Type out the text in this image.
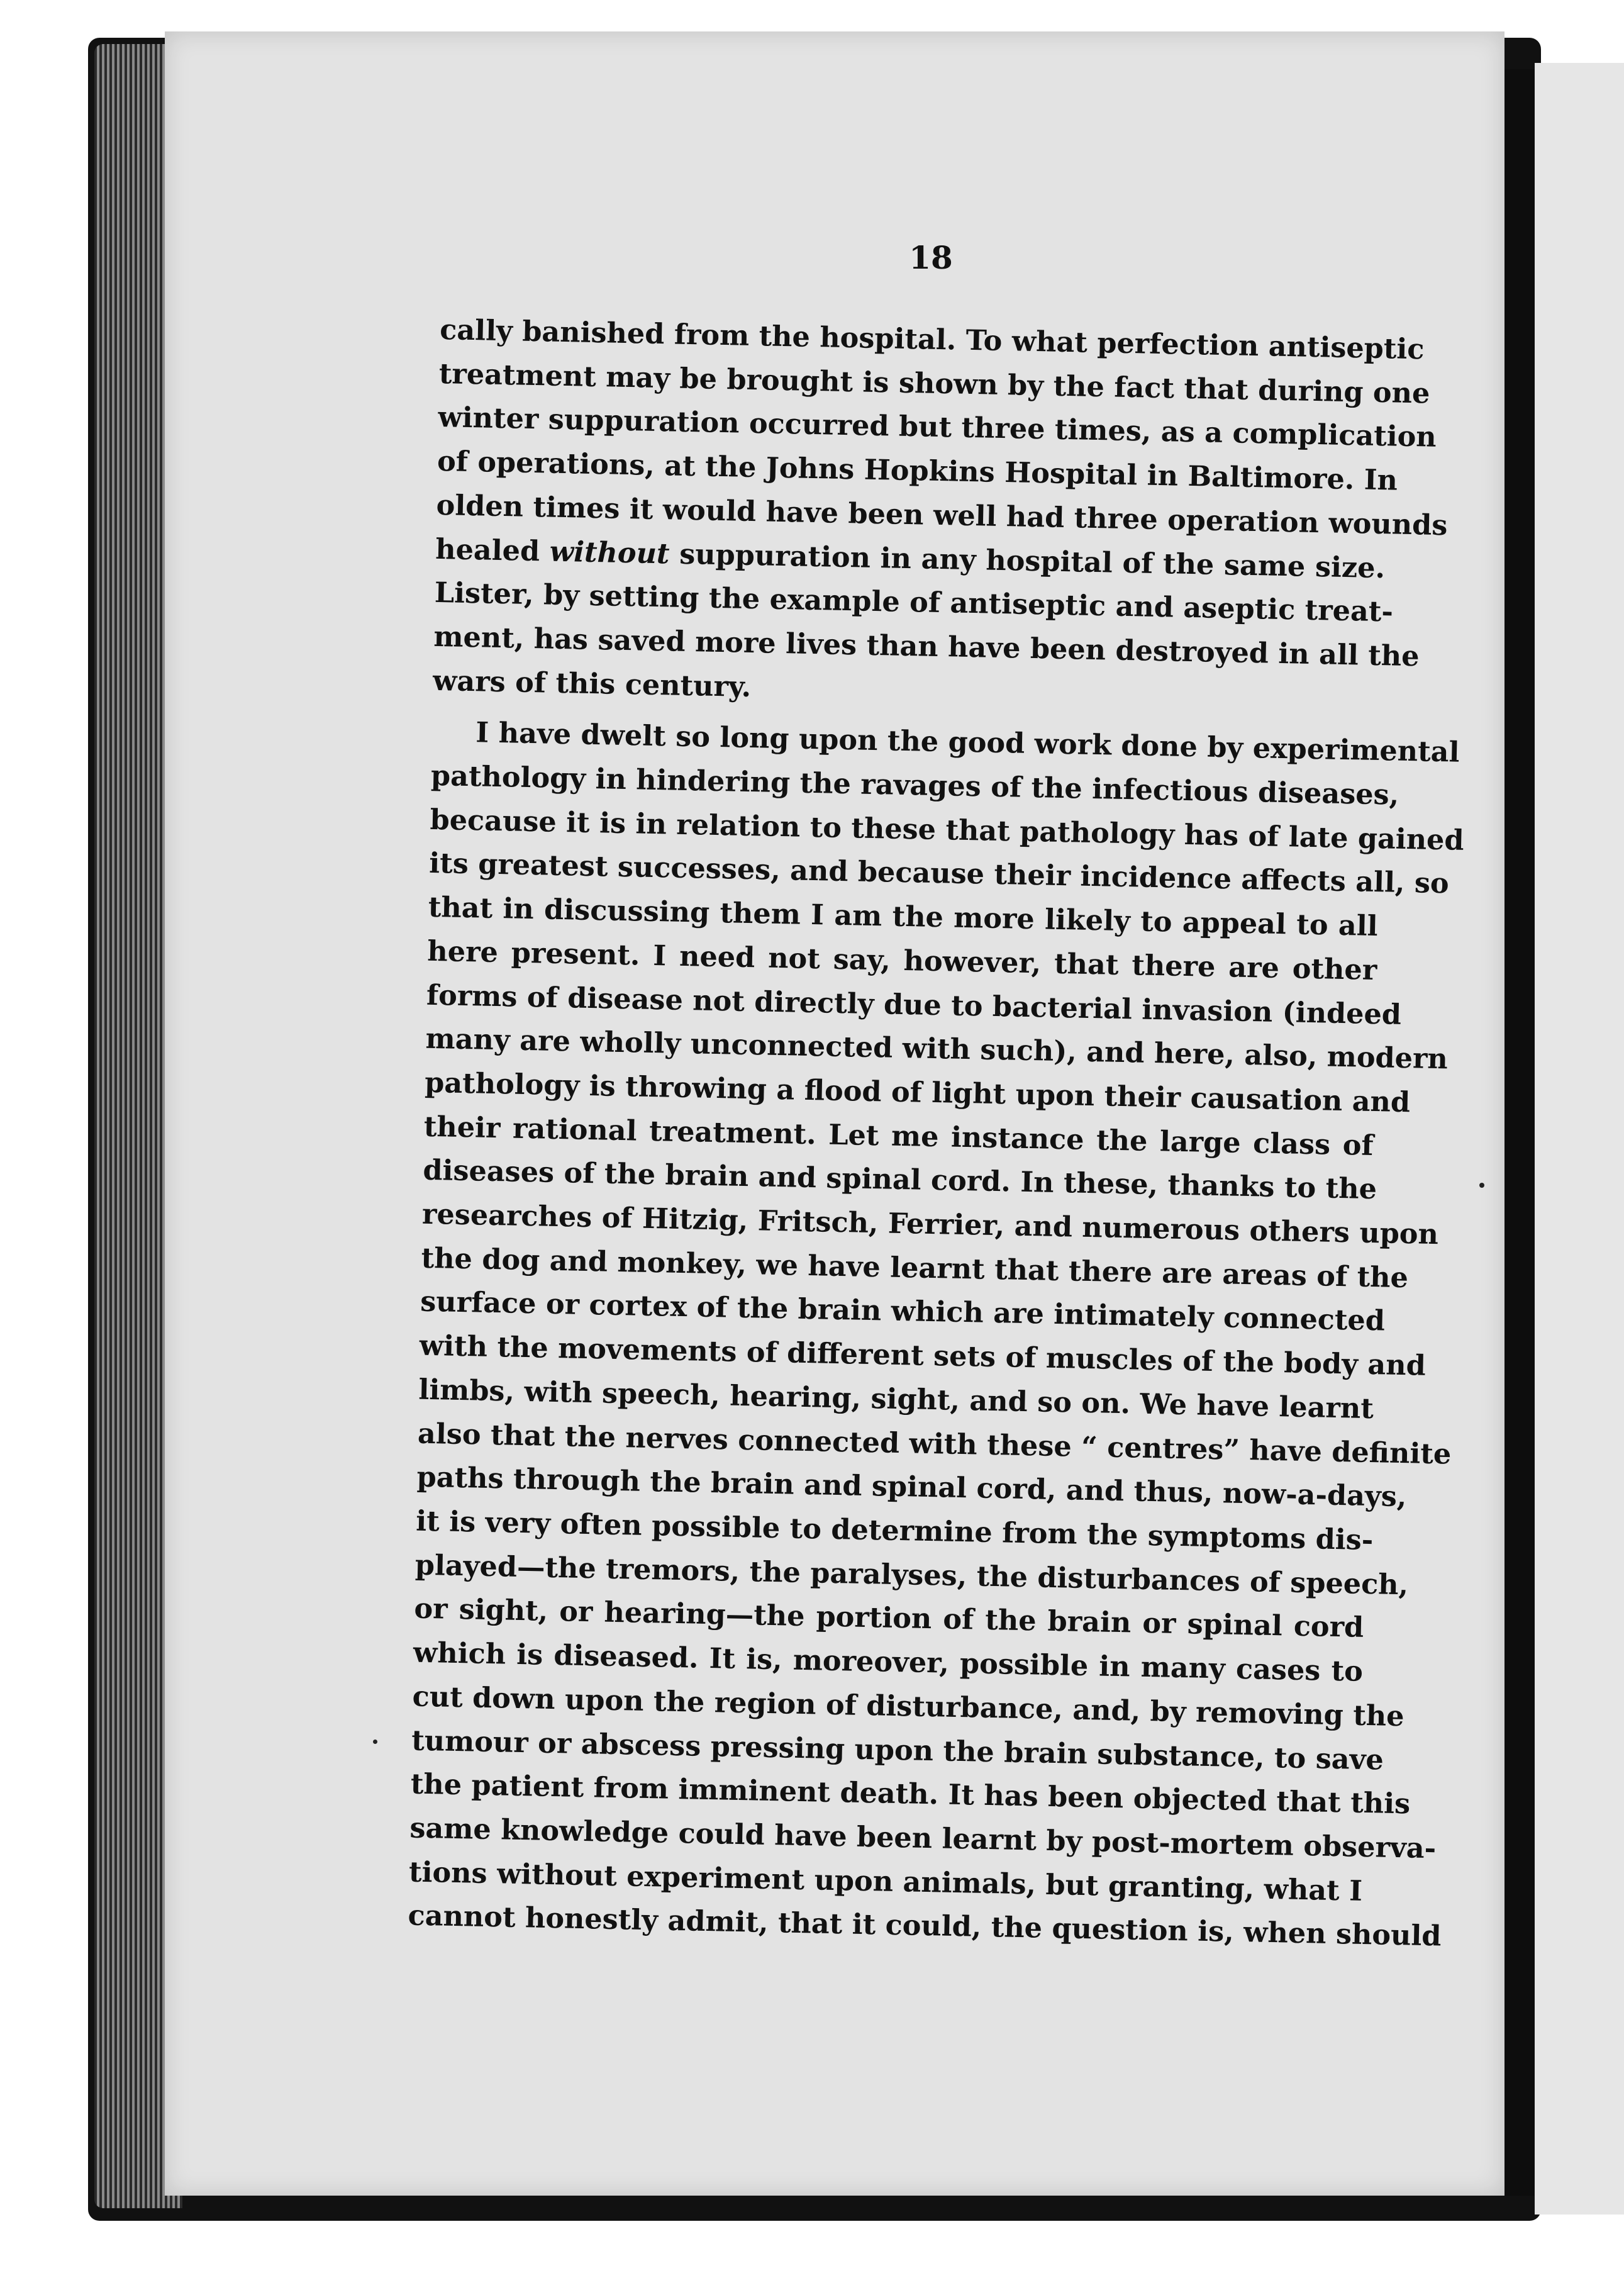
18
cally banished from the hospital. To what perfection antiseptic
treatment may be brought is shown by the fact that during one
winter suppuration occurred but three times, as a complication
of operations, at the Johns Hopkins Hospital in Baltimore. In
olden times it would have been well had three operation wounds
healed without suppuration in any hospital of the same size.
Lister, by setting the example of antiseptic and aseptic treat-
ment, has saved more lives than have been destroyed in all the
wars of this century.
I have dwelt so long upon the good work done by experimental
pathology in hindering the ravages of the infectious diseases,
because it is in relation to these that pathology has of late gained
its greatest successes, and because their incidence affects all, so
that in discussing them I am the more likely to appeal to all
here present. I need not say, however, that there are other
forms of disease not directly due to bacterial invasion (indeed
many are wholly unconnected with such), and here, also, modern
pathology is throwing a flood of light upon their causation and
their rational treatment. Let me instance the large class of
diseases of the brain and spinal cord. In these, thanks to the
researches of Hitzig, Fritsch, Ferrier, and numerous others upon
the dog and monkey, we have learnt that there are areas of the
surface or cortex of the brain which are intimately connected
with the movements of different sets of muscles of the body and
limbs, with speech, hearing, sight, and so on. We have learnt
also that the nerves connected with these “ centres” have definite
paths through the brain and spinal cord, and thus, now-a-days,
it is very often possible to determine from the symptoms dis-
played—the tremors, the paralyses, the disturbances of speech,
or sight, or hearing—the portion of the brain or spinal cord
which is diseased. It is, moreover, possible in many cases to
cut down upon the region of disturbance, and, by removing the
tumour or abscess pressing upon the brain substance, to save
the patient from imminent death. It has been objected that this
same knowledge could have been learnt by post-mortem observa-
tions without experiment upon animals, but granting, what I
cannot honestly admit, that it could, the question is, when should
